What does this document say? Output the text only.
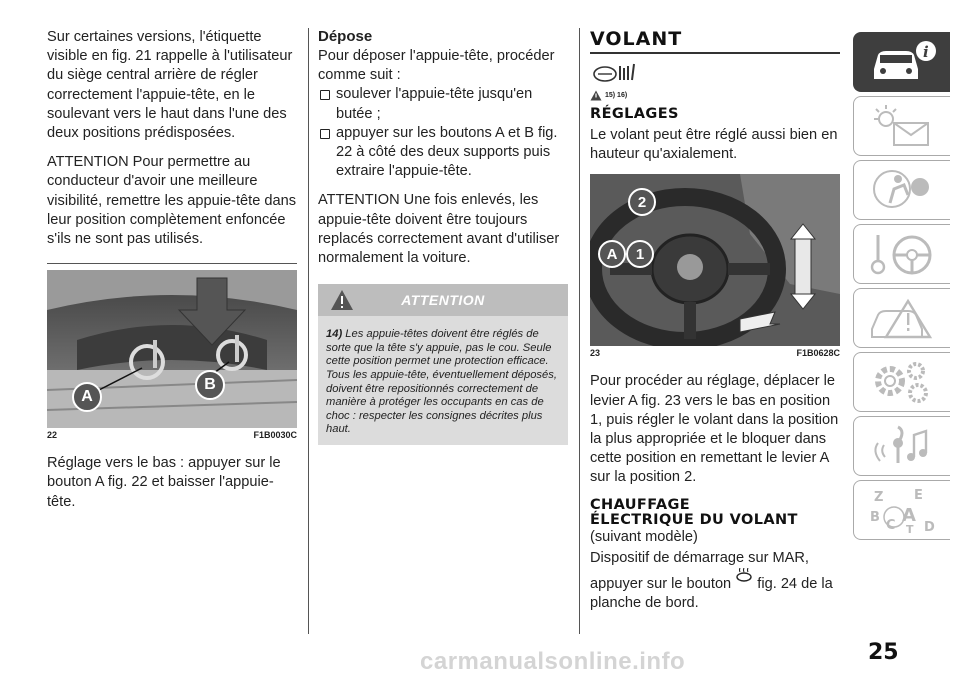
Sur certaines versions, l'étiquette visible en fig. 21 rappelle à l'utilisateur du siège central arrière de régler correctement l'appuie-tête, en le soulevant vers le haut dans l'une des deux positions prédisposées.

ATTENTION Pour permettre au conducteur d'avoir une meilleure visibilité, remettre les appuie-tête dans leur position complètement enfoncée s'ils ne sont pas utilisés.

A
B
22	F1B0030C

Réglage vers le bas : appuyer sur le bouton A fig. 22 et baisser l'appuie-tête.

Dépose

Pour déposer l'appuie-tête, procéder comme suit :

soulever l'appuie-tête jusqu'en butée ;
appuyer sur les boutons A et B fig. 22 à côté des deux supports puis extraire l'appuie-tête.

ATTENTION Une fois enlevés, les appuie-tête doivent être toujours replacés correctement avant d'utiliser normalement la voiture.

ATTENTION
14) Les appuie-têtes doivent être réglés de sorte que la tête s'y appuie, pas le cou. Seule cette position permet une protection efficace. Tous les appuie-tête, éventuellement déposés, doivent être repositionnés correctement de manière à protéger les occupants en cas de choc : respecter les consignes décrites plus haut.
VOLANT
15) 16)
RÉGLAGES

Le volant peut être réglé aussi bien en hauteur qu'axialement.

2
A	1
23	F1B0628C

Pour procéder au réglage, déplacer le levier A fig. 23 vers le bas en position 1, puis régler le volant dans la position la plus appropriée et le bloquer dans cette position en remettant le levier A sur la position 2.

CHAUFFAGE
ÉLECTRIQUE DU VOLANT

(suivant modèle)

Dispositif de démarrage sur MAR, appuyer sur le bouton fig. 24 de la planche de bord.

i
Z E
B A
C D
T
25
carmanualsonline.info
